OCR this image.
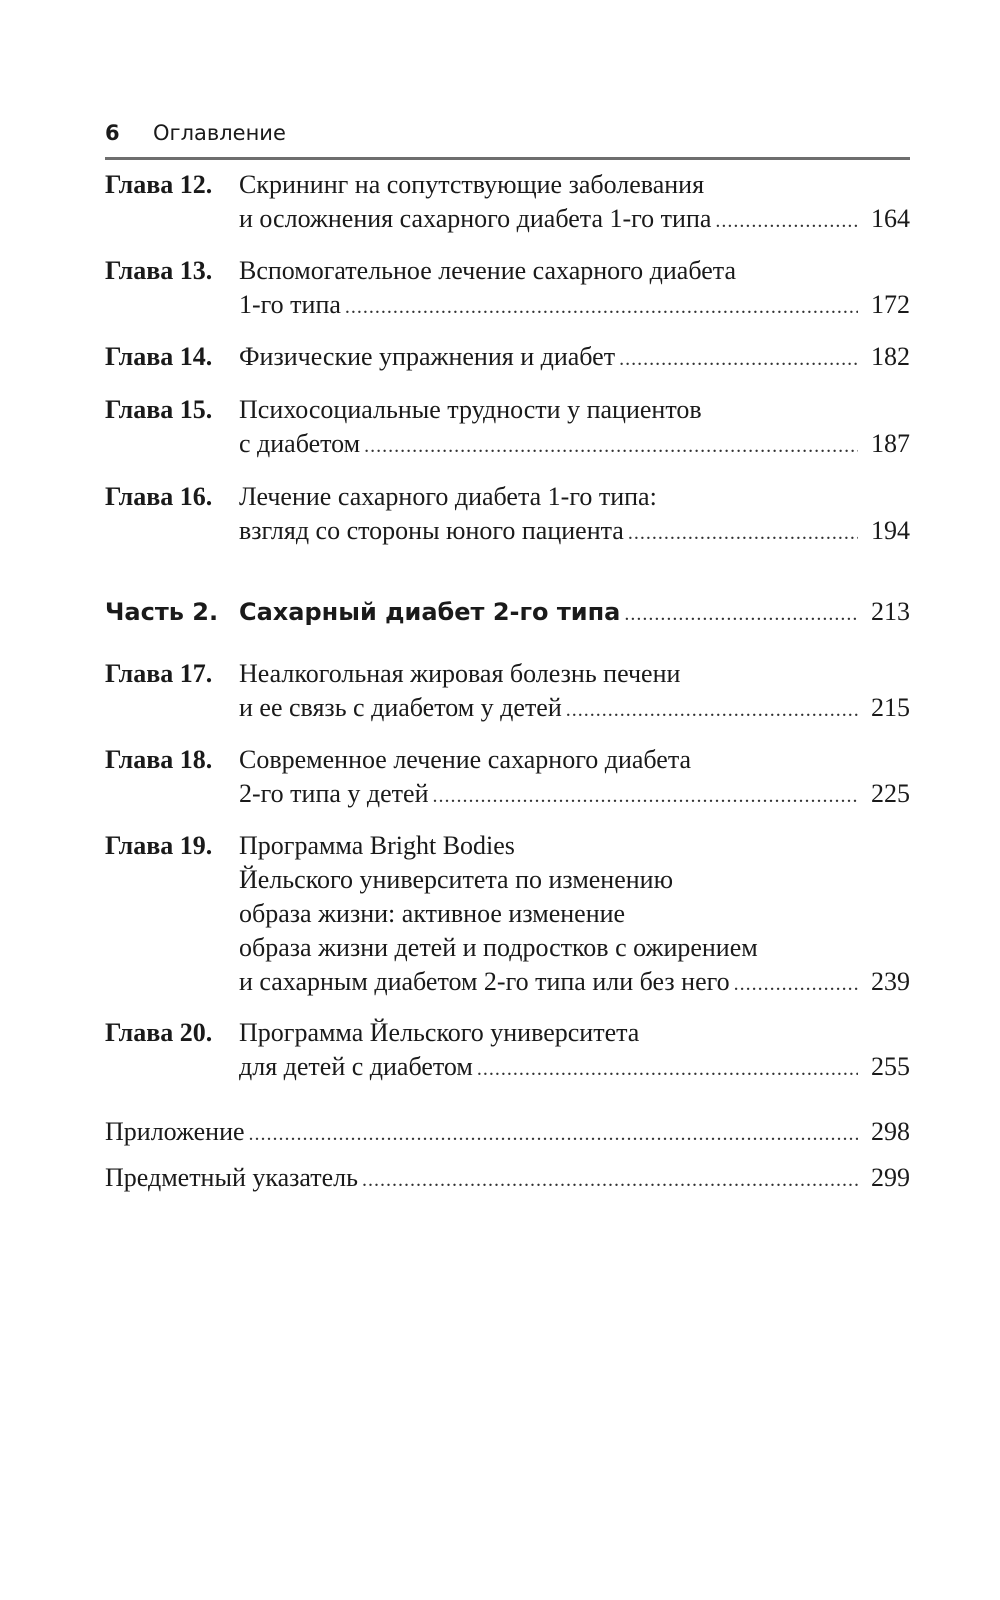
6 Оглавление
Глава 12. Скрининг на сопутствующие заболевания
и осложнения сахарного диабета 1-го типа .....	164
Глава 13. Вспомогательное лечение сахарного диабета
1-го типа .....	172
Глава 14. Физические упражнения и диабет .....	182
Глава 15. Психосоциальные трудности у пациентов
с диабетом .....	187
Глава 16. Лечение сахарного диабета 1-го типа:
взгляд со стороны юного пациента .....	194
Часть 2. Сахарный диабет 2-го типа .....	213
Глава 17. Неалкогольная жировая болезнь печени
и ее связь с диабетом у детей .....	215
Глава 18. Современное лечение сахарного диабета
2-го типа у детей .....	225
Глава 19. Программа Bright Bodies
Йельского университета по изменению
образа жизни: активное изменение
образа жизни детей и подростков с ожирением
и сахарным диабетом 2-го типа или без него .....	239
Глава 20. Программа Йельского университета
для детей с диабетом .....	255
Приложение .....	298
Предметный указатель .....	299
